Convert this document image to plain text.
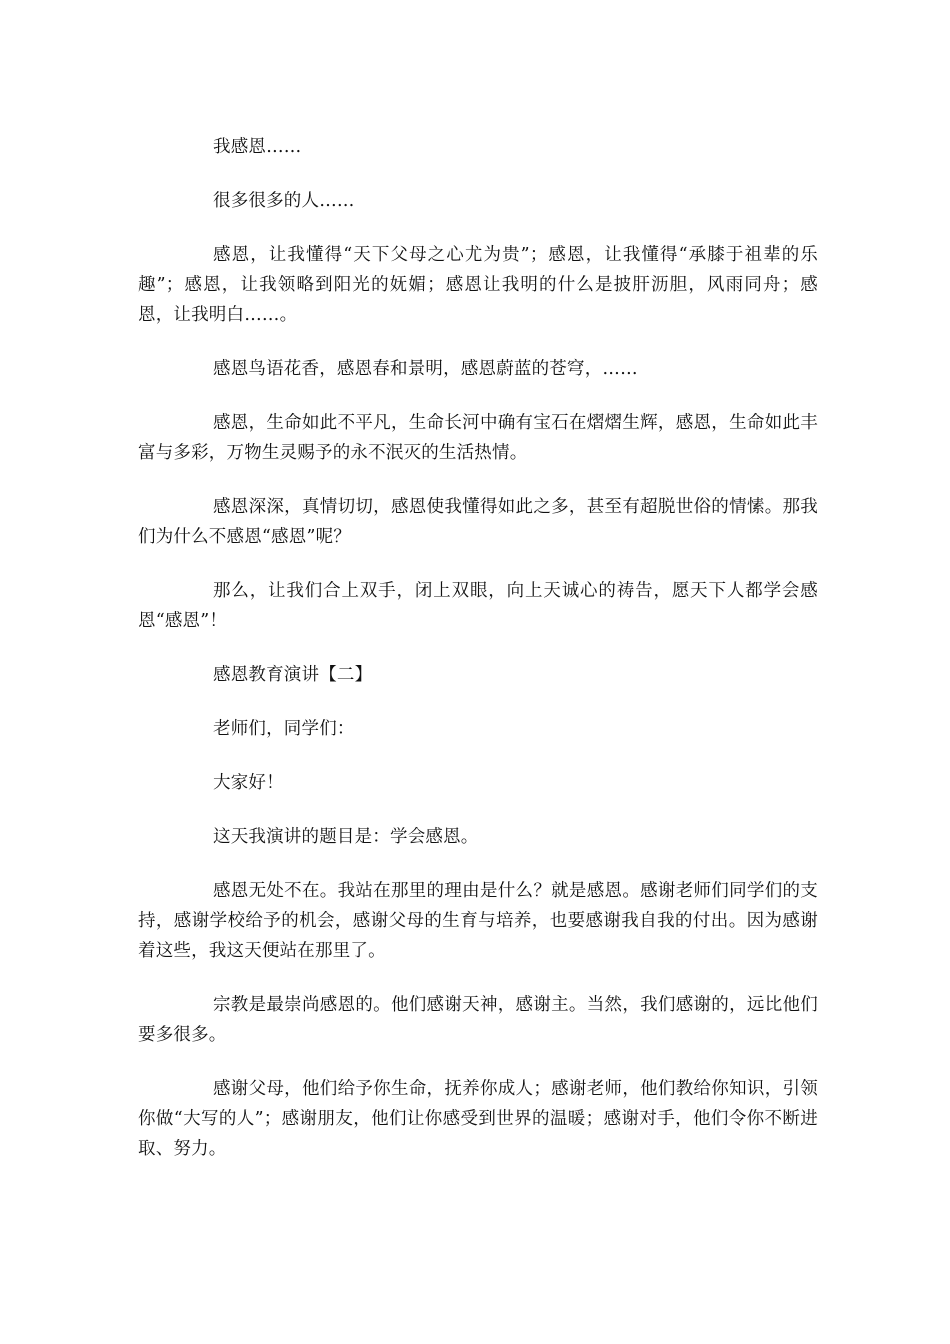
我感恩……

很多很多的人……

感恩，让我懂得“天下父母之心尤为贵”；感恩，让我懂得“承膝于祖辈的乐趣”；感恩，让我领略到阳光的妩媚；感恩让我明的什么是披肝沥胆，风雨同舟；感恩，让我明白……。

感恩鸟语花香，感恩春和景明，感恩蔚蓝的苍穹，……

感恩，生命如此不平凡，生命长河中确有宝石在熠熠生辉，感恩，生命如此丰富与多彩，万物生灵赐予的永不泯灭的生活热情。

感恩深深，真情切切，感恩使我懂得如此之多，甚至有超脱世俗的情愫。那我们为什么不感恩“感恩”呢？

那么，让我们合上双手，闭上双眼，向上天诚心的祷告，愿天下人都学会感恩“感恩”！

感恩教育演讲【二】

老师们，同学们：

大家好！

这天我演讲的题目是：学会感恩。

感恩无处不在。我站在那里的理由是什么？就是感恩。感谢老师们同学们的支持，感谢学校给予的机会，感谢父母的生育与培养，也要感谢我自我的付出。因为感谢着这些，我这天便站在那里了。

宗教是最崇尚感恩的。他们感谢天神，感谢主。当然，我们感谢的，远比他们要多很多。

感谢父母，他们给予你生命，抚养你成人；感谢老师，他们教给你知识，引领你做“大写的人”；感谢朋友，他们让你感受到世界的温暖；感谢对手，他们令你不断进取、努力。
